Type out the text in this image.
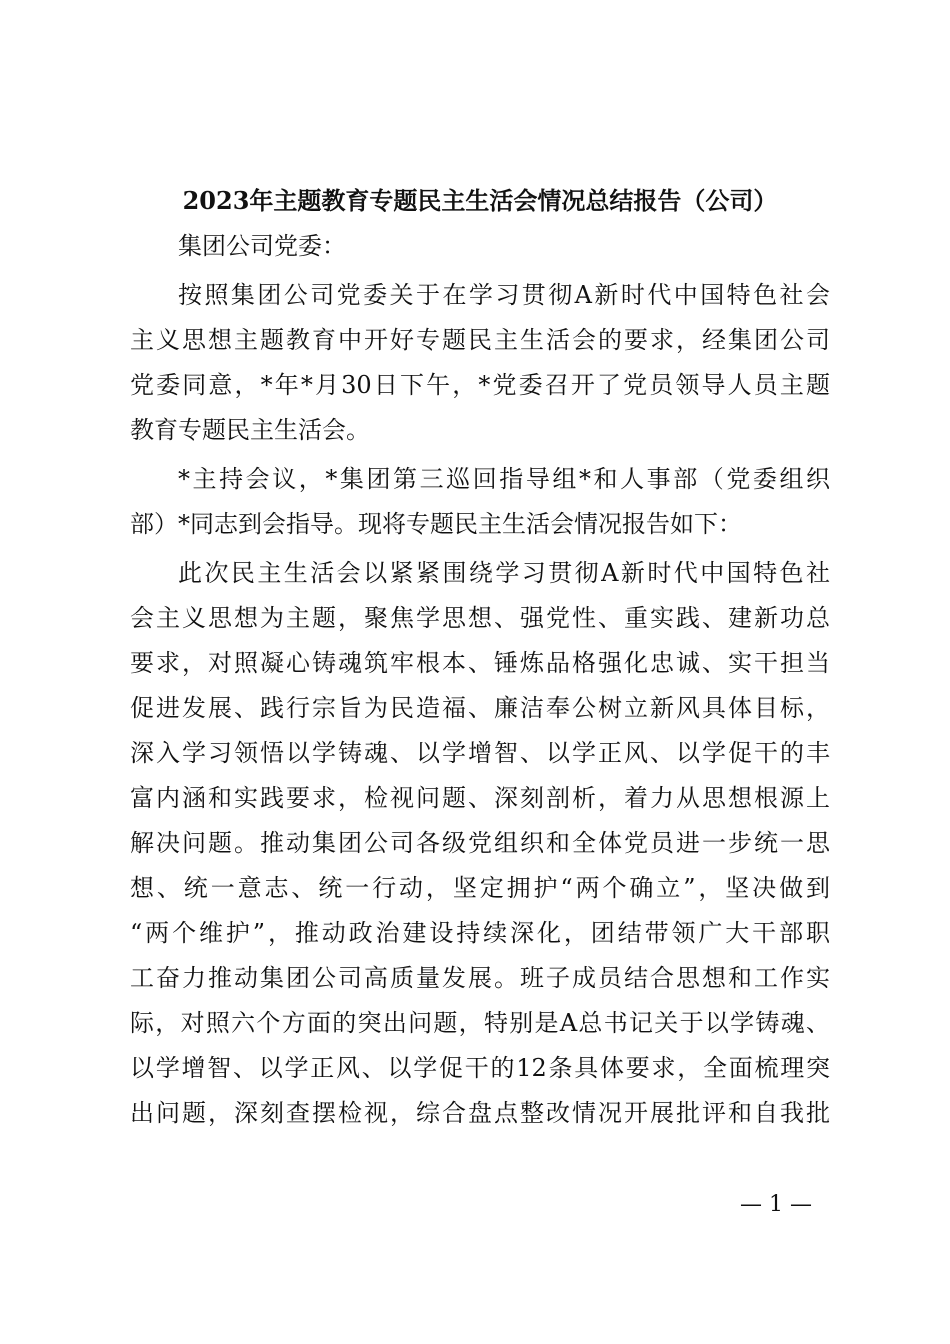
2023年主题教育专题民主生活会情况总结报告（公司）
集团公司党委：
按照集团公司党委关于在学习贯彻A新时代中国特色社会
主义思想主题教育中开好专题民主生活会的要求，经集团公司
党委同意，*年*月30日下午，*党委召开了党员领导人员主题
教育专题民主生活会。
*主持会议，*集团第三巡回指导组*和人事部（党委组织
部）*同志到会指导。现将专题民主生活会情况报告如下：
此次民主生活会以紧紧围绕学习贯彻A新时代中国特色社
会主义思想为主题，聚焦学思想、强党性、重实践、建新功总
要求，对照凝心铸魂筑牢根本、锤炼品格强化忠诚、实干担当
促进发展、践行宗旨为民造福、廉洁奉公树立新风具体目标，
深入学习领悟以学铸魂、以学增智、以学正风、以学促干的丰
富内涵和实践要求，检视问题、深刻剖析，着力从思想根源上
解决问题。推动集团公司各级党组织和全体党员进一步统一思
想、统一意志、统一行动，坚定拥护“两个确立”，坚决做到
“两个维护”，推动政治建设持续深化，团结带领广大干部职
工奋力推动集团公司高质量发展。班子成员结合思想和工作实
际，对照六个方面的突出问题，特别是A总书记关于以学铸魂、
以学增智、以学正风、以学促干的12条具体要求，全面梳理突
出问题，深刻查摆检视，综合盘点整改情况开展批评和自我批
— 1 —
